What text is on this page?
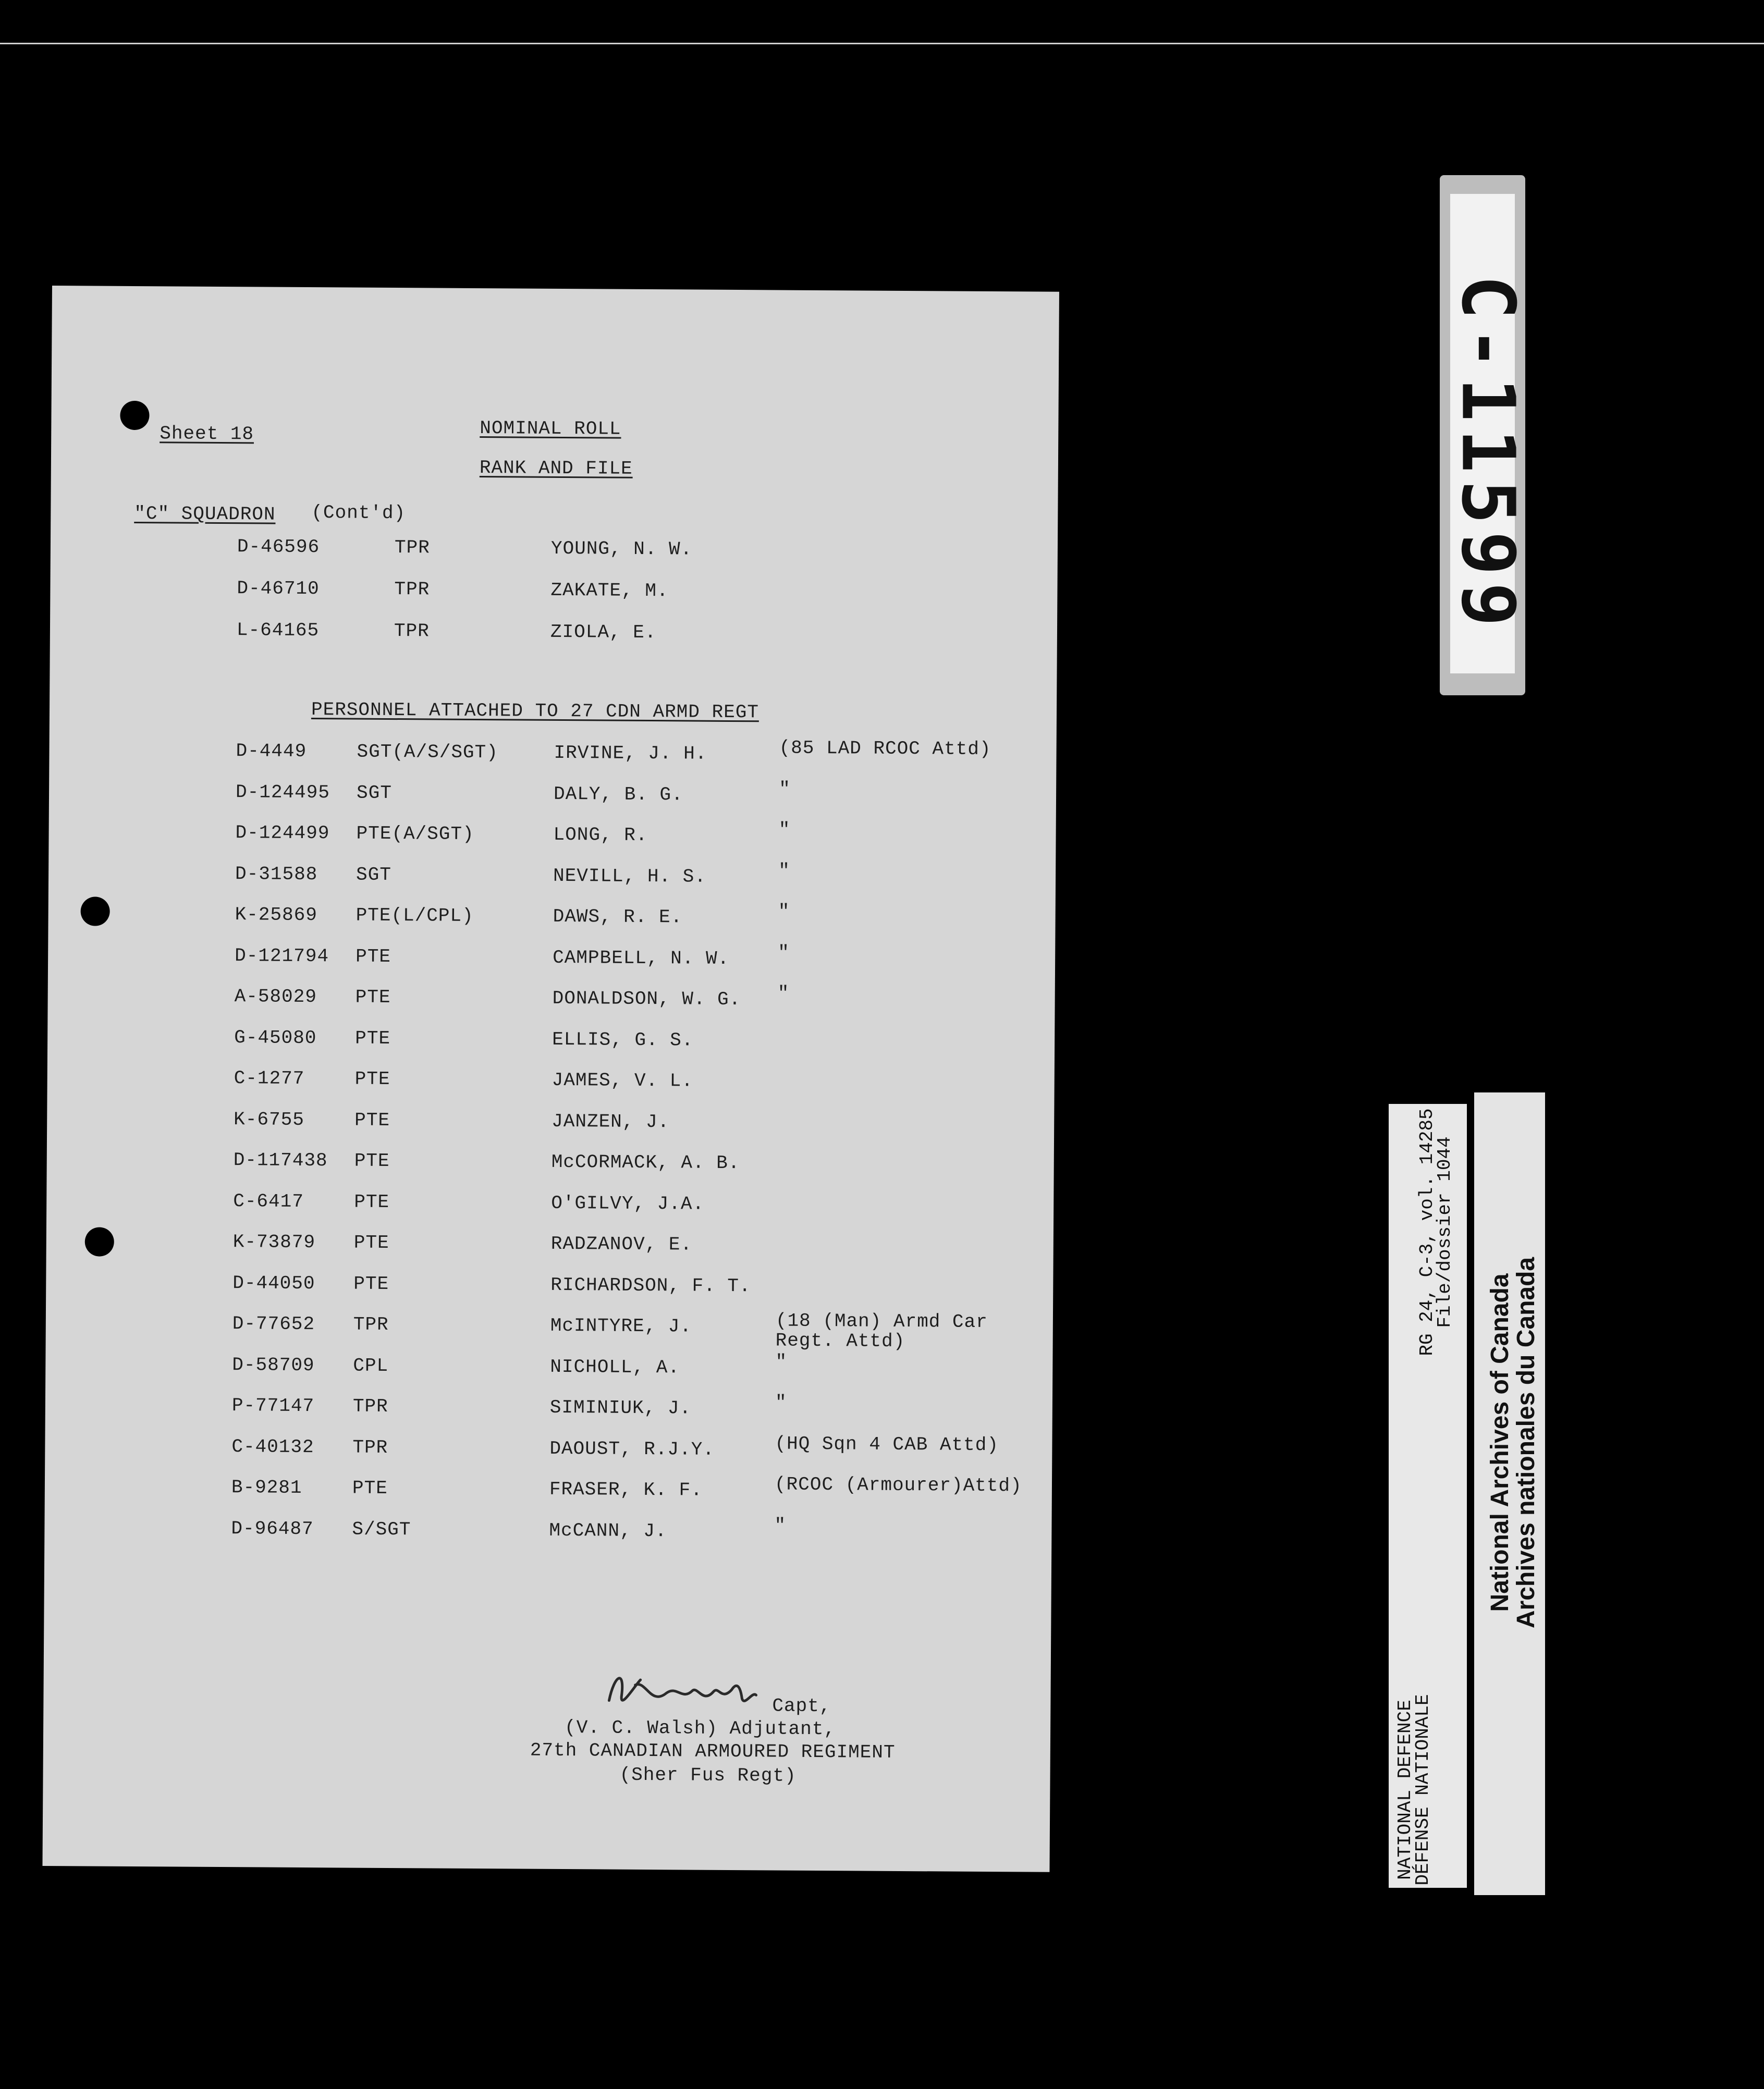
Sheet 18	NOMINAL ROLL
RANK AND FILE
"C" SQUADRON (Cont'd)
D-46596	TPR	YOUNG, N. W.
D-46710	TPR	ZAKATE, M.
L-64165	TPR	ZIOLA, E.
PERSONNEL ATTACHED TO 27 CDN ARMD REGT
D-4449	SGT(A/S/SGT)	IRVINE, J. H.	(85 LAD RCOC Attd)
D-124495 SGT	DALY, B. G.	"
D-124499 PTE(A/SGT)	LONG, R.	"
D-31588 SGT	NEVILL, H. S.	"
K-25869 PTE(L/CPL)	DAWS, R. E.	"
D-121794 PTE	CAMPBELL, N. W.	"
A-58029 PTE	DONALDSON, W. G. "
G-45080 PTE	ELLIS, G. S.
C-1277	PTE	JAMES, V. L.
K-6755	PTE	JANZEN, J.
D-117438 PTE	McCORMACK, A. B.
C-6417	PTE	O'GILVY, J.A.
K-73879 PTE	RADZANOV, E.
D-44050 PTE	RICHARDSON, F. T.
D-77652 TPR	McINTYRE, J.	(18 (Man) Armd Car
Regt. Attd)
D-58709 CPL	NICHOLL, A.	"
P-77147 TPR	SIMINIUK, J.	"
C-40132 TPR	DAOUST, R.J.Y.	(HQ Sqn 4 CAB Attd)
B-9281	PTE	FRASER, K. F.	(RCOC (Armourer)Attd)
D-96487 S/SGT	McCANN, J.	"
Capt,
(V. C. Walsh) Adjutant,
27th CANADIAN ARMOURED REGIMENT
(Sher Fus Regt)
C-11599
NATIONAL DEFENCE
DÉFENSE NATIONALE
RG 24, C-3, vol. 14285
File/dossier 1044
National Archives of Canada
Archives nationales du Canada
